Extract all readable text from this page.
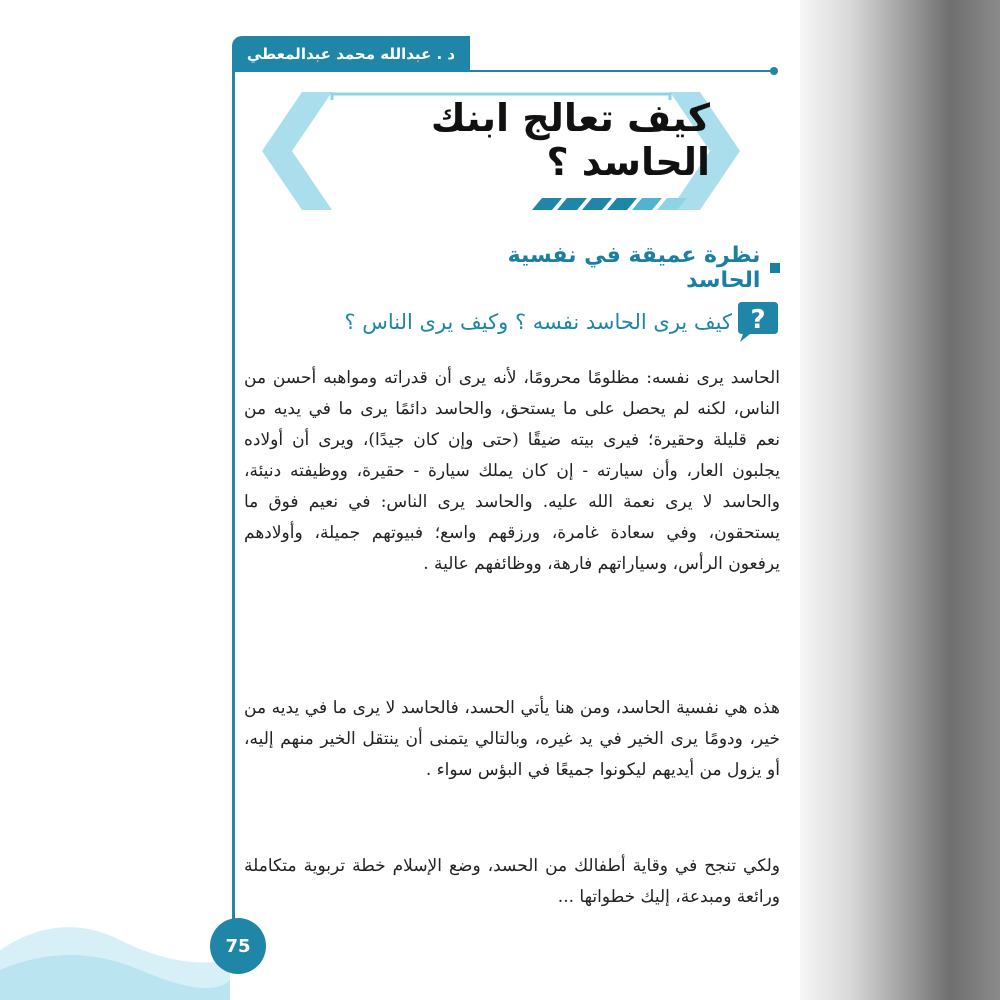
د . عبدالله محمد عبدالمعطي
كيف تعالج ابنك الحاسد ؟
نظرة عميقة في نفسية الحاسد
?
كيف يرى الحاسد نفسه ؟ وكيف يرى الناس ؟

الحاسد يرى نفسه: مظلومًا محرومًا، لأنه يرى أن قدراته ومواهبه أحسن من الناس، لكنه لم يحصل على ما يستحق، والحاسد دائمًا يرى ما في يديه من نعم قليلة وحقيرة؛ فيرى بيته ضيقًا (حتى وإن كان جيدًا)، ويرى أن أولاده يجلبون العار، وأن سيارته - إن كان يملك سيارة - حقيرة، ووظيفته دنيئة، والحاسد لا يرى نعمة الله عليه. والحاسد يرى الناس: في نعيم فوق ما يستحقون، وفي سعادة غامرة، ورزقهم واسع؛ فبيوتهم جميلة، وأولادهم يرفعون الرأس، وسياراتهم فارهة، ووظائفهم عالية .

هذه هي نفسية الحاسد، ومن هنا يأتي الحسد، فالحاسد لا يرى ما في يديه من خير، ودومًا يرى الخير في يد غيره، وبالتالي يتمنى أن ينتقل الخير منهم إليه، أو يزول من أيديهم ليكونوا جميعًا في البؤس سواء .

ولكي تنجح في وقاية أطفالك من الحسد، وضع الإسلام خطة تربوية متكاملة ورائعة ومبدعة، إليك خطواتها ...

75
